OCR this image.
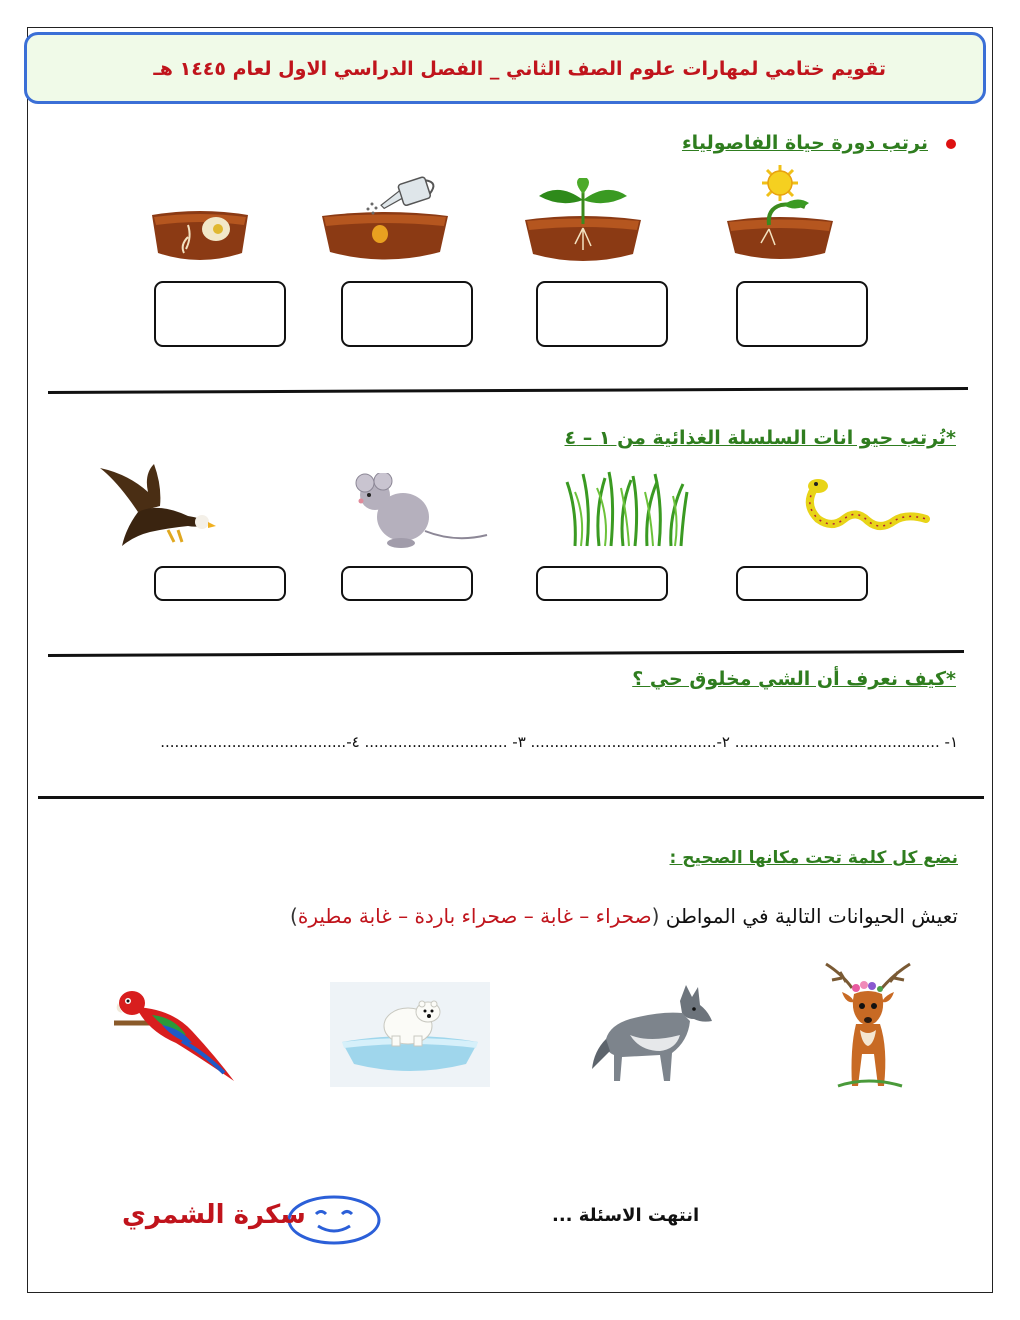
تقويم ختامي لمهارات علوم الصف الثاني _ الفصل الدراسي الاول لعام ١٤٤٥ هـ
نرتب دورة حياة الفاصولياء
*نُرتب حيو انات السلسلة الغذائية من ١ – ٤
*كيف نعرف أن الشي مخلوق حي ؟
١- ........................................... ٢-....................................... ٣- .............................. ٤-.......................................
نضع كل كلمة تحت مكانها الصحيح :
تعيش الحيوانات التالية في المواطن (صحراء – غابة – صحراء باردة – غابة مطيرة)
انتهت الاسئلة ...
سكرة الشمري
